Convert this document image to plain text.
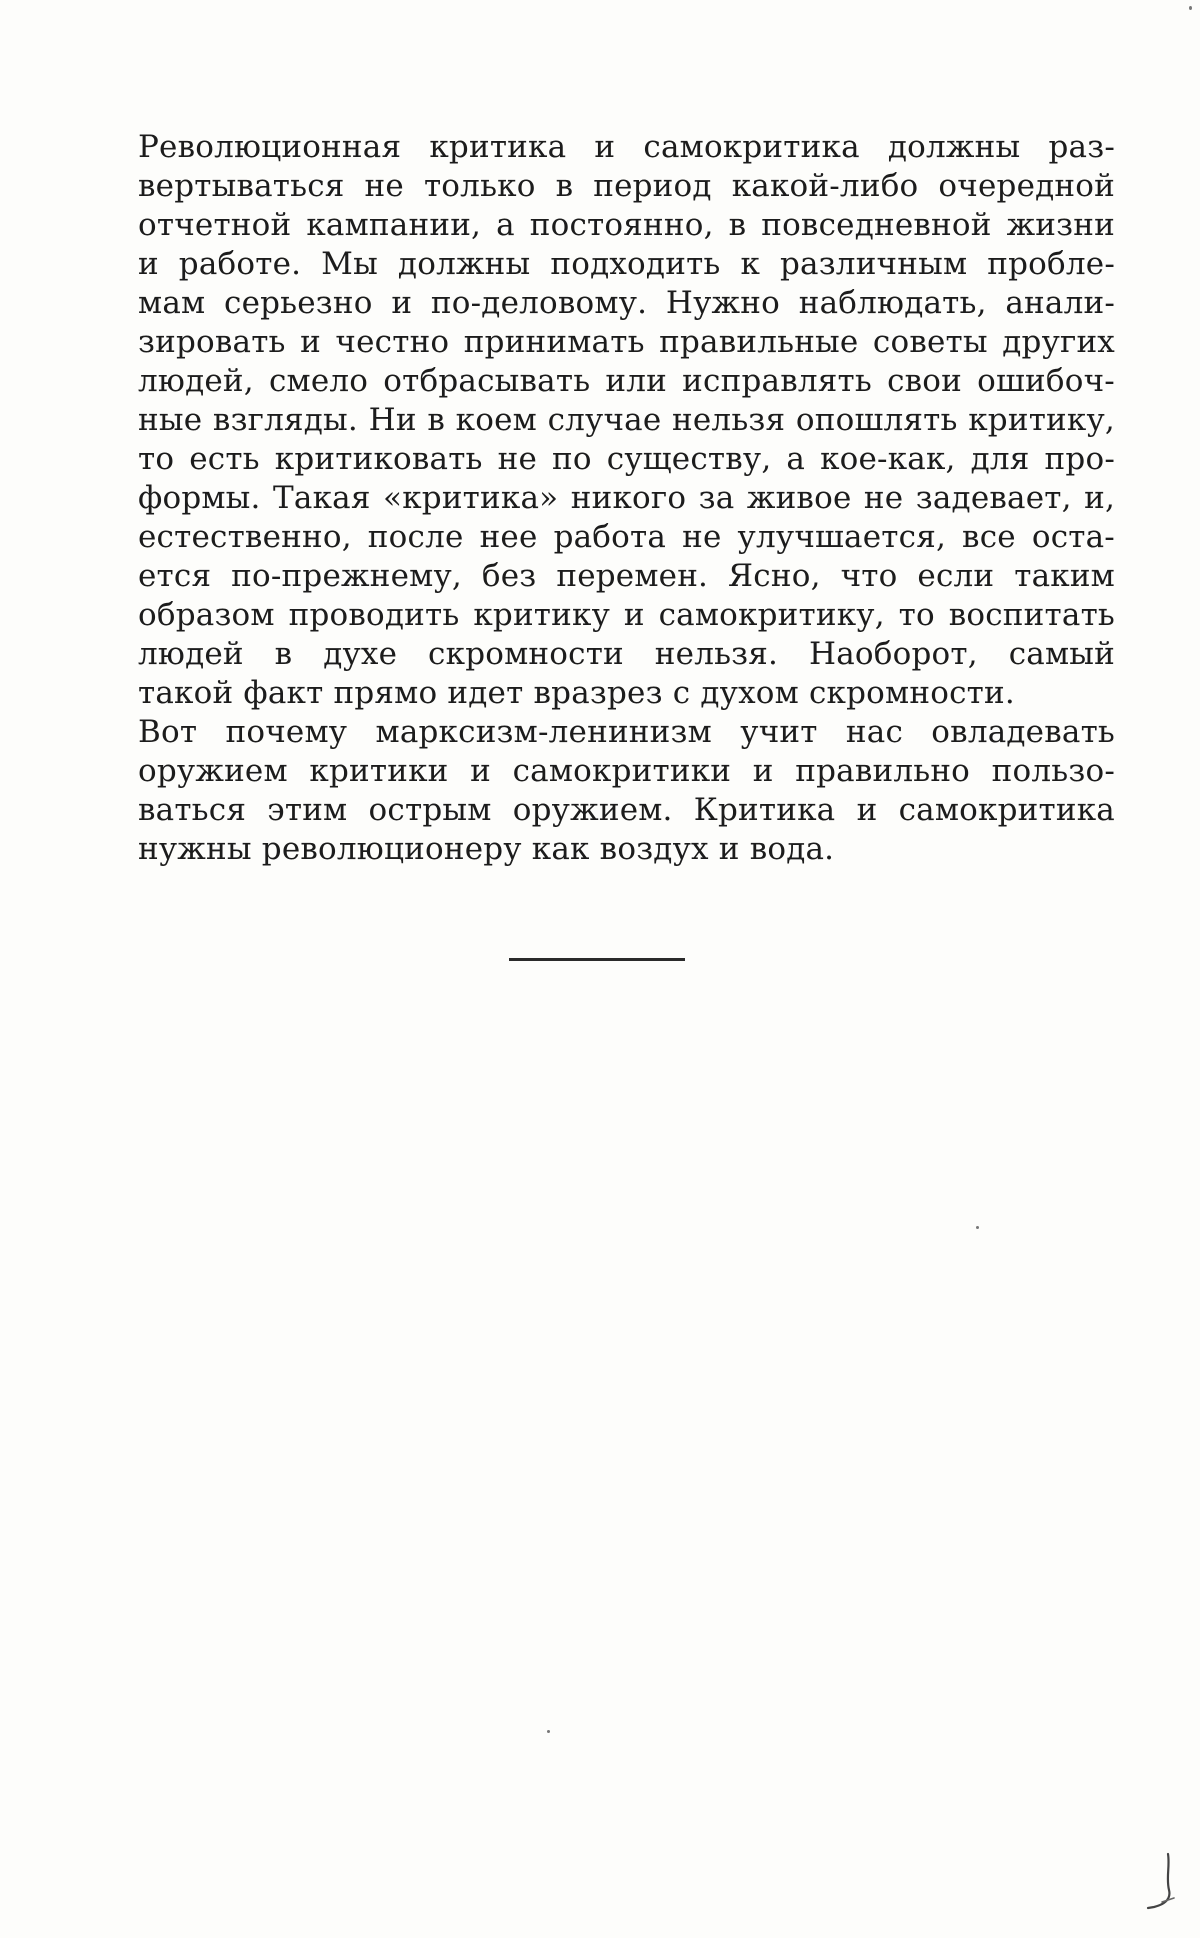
Революционная критика и самокритика должны раз-
вертываться не только в период какой-либо очередной
отчетной кампании, а постоянно, в повседневной жизни
и работе. Мы должны подходить к различным пробле-
мам серьезно и по-деловому. Нужно наблюдать, анали-
зировать и честно принимать правильные советы других
людей, смело отбрасывать или исправлять свои ошибоч-
ные взгляды. Ни в коем случае нельзя опошлять критику,
то есть критиковать не по существу, а кое-как, для про-
формы. Такая «критика» никого за живое не задевает, и,
естественно, после нее работа не улучшается, все оста-
ется по-прежнему, без перемен. Ясно, что если таким
образом проводить критику и самокритику, то воспитать
людей в духе скромности нельзя. Наоборот, самый
такой факт прямо идет вразрез с духом скромности.

Вот почему марксизм-ленинизм учит нас овладевать
оружием критики и самокритики и правильно пользо-
ваться этим острым оружием. Критика и самокритика
нужны революционеру как воздух и вода.
